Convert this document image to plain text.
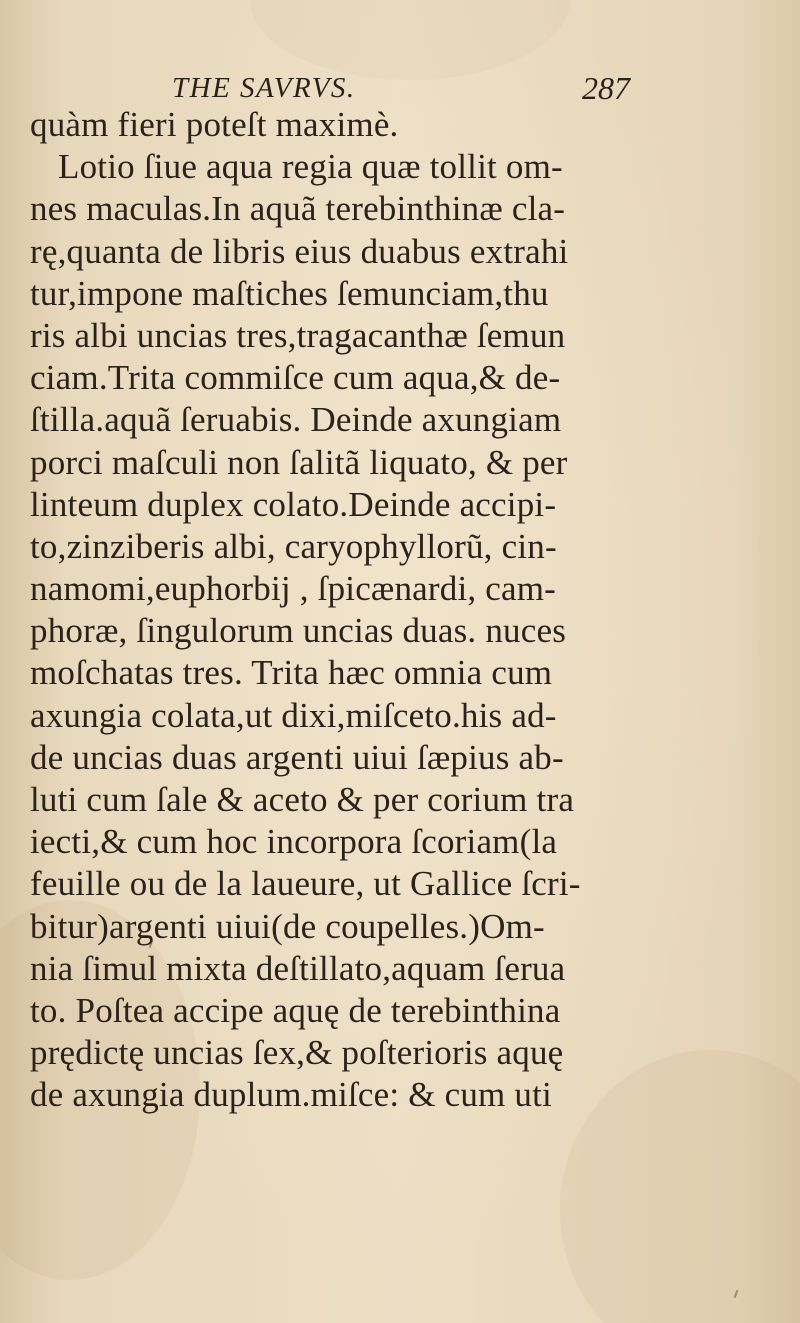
THE SAVRVS.	287
quàm fieri poteſt maximè.
Lotio ſiue aqua regia quæ tollit om-
nes maculas.In aquã terebinthinæ cla-
rę,quanta de libris eius duabus extrahi
tur,impone maſtiches ſemunciam,thu
ris albi uncias tres,tragacanthæ ſemun
ciam.Trita commiſce cum aqua,& de-
ſtilla.aquã ſeruabis. Deinde axungiam
porci maſculi non ſalitã liquato, & per
linteum duplex colato.Deinde accipi-
to,zinziberis albi, caryophyllorũ, cin-
namomi,euphorbij , ſpicænardi, cam-
phoræ, ſingulorum uncias duas. nuces
moſchatas tres. Trita hæc omnia cum
axungia colata,ut dixi,miſceto.his ad-
de uncias duas argenti uiui ſæpius ab-
luti cum ſale & aceto & per corium tra
iecti,& cum hoc incorpora ſcoriam(la
feuille ou de la laueure, ut Gallice ſcri-
bitur)argenti uiui(de coupelles.)Om-
nia ſimul mixta deſtillato,aquam ſerua
to. Poſtea accipe aquę de terebinthina
prędictę uncias ſex,& poſterioris aquę
de axungia duplum.miſce: & cum uti
